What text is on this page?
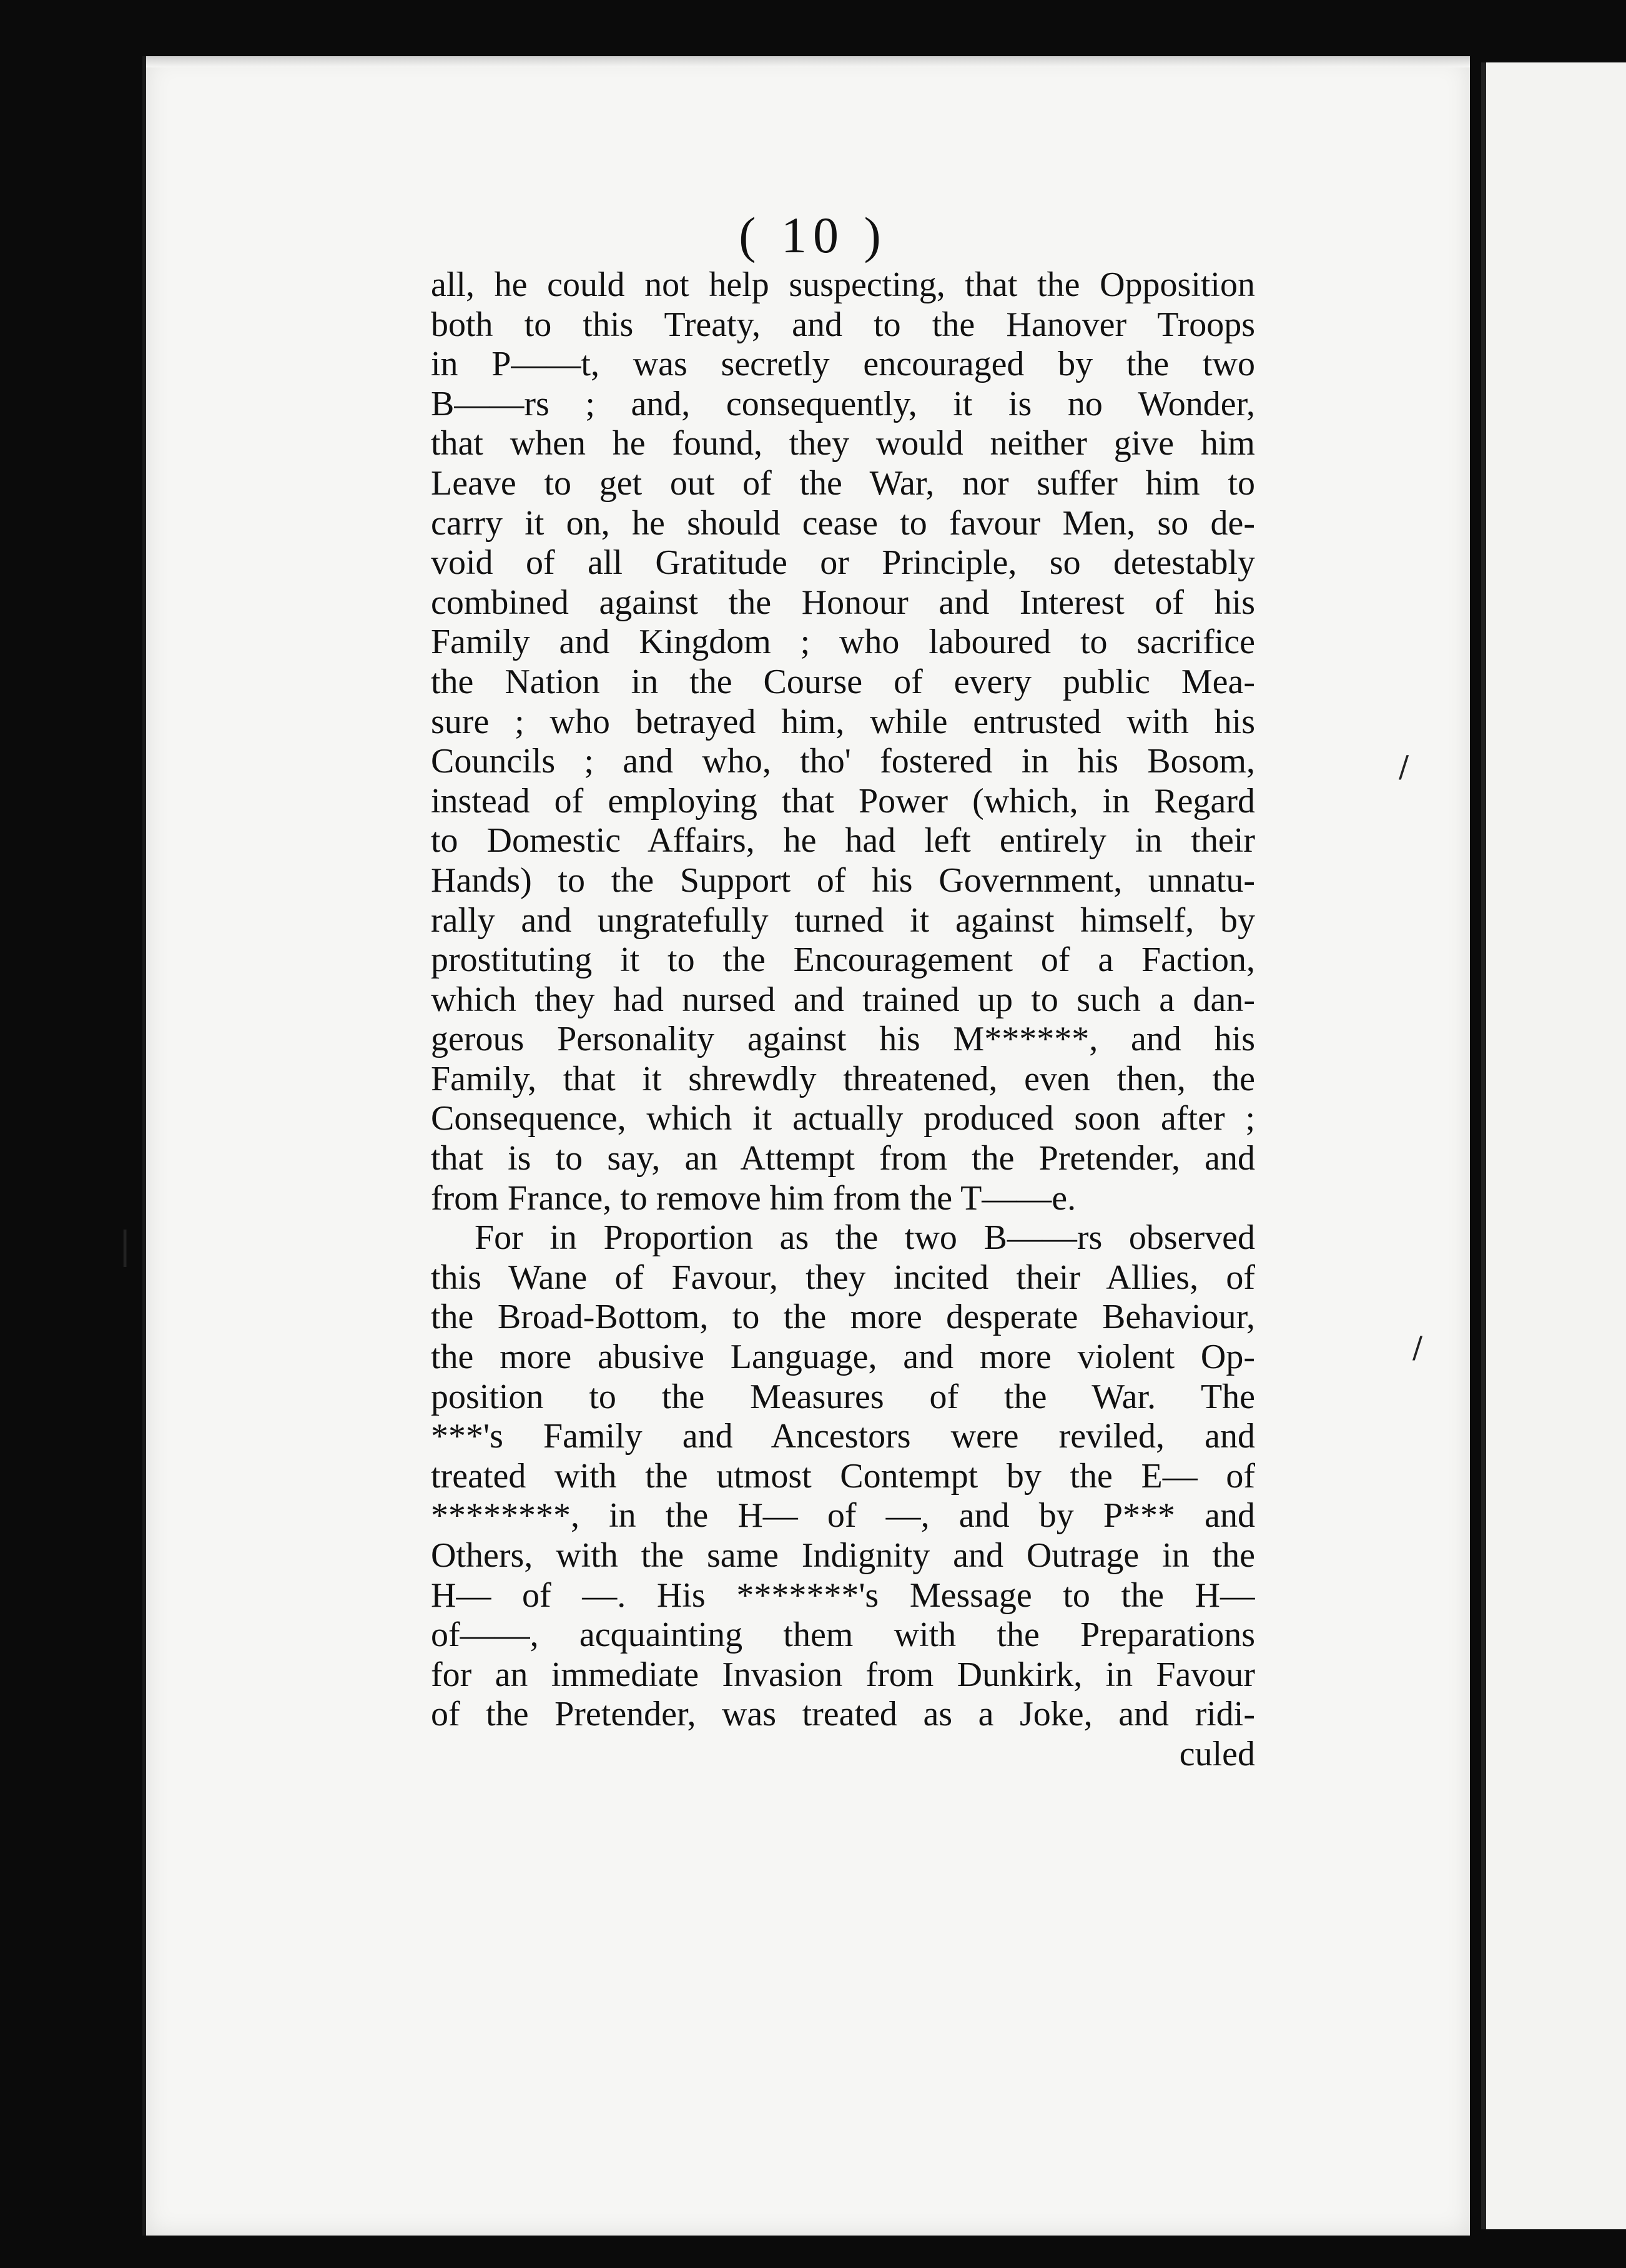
( 10 )
all, he could not help suspecting, that the Opposition
both to this Treaty, and to the Hanover Troops
in P——t, was secretly encouraged by the two
B——rs ; and, consequently, it is no Wonder,
that when he found, they would neither give him
Leave to get out of the War, nor suffer him to
carry it on, he should cease to favour Men, so de-
void of all Gratitude or Principle, so detestably
combined against the Honour and Interest of his
Family and Kingdom ; who laboured to sacrifice
the Nation in the Course of every public Mea-
sure ; who betrayed him, while entrusted with his
Councils ; and who, tho' fostered in his Bosom,
instead of employing that Power (which, in Regard
to Domestic Affairs, he had left entirely in their
Hands) to the Support of his Government, unnatu-
rally and ungratefully turned it against himself, by
prostituting it to the Encouragement of a Faction,
which they had nursed and trained up to such a dan-
gerous Personality against his M******, and his
Family, that it shrewdly threatened, even then, the
Consequence, which it actually produced soon after ;
that is to say, an Attempt from the Pretender, and
from France, to remove him from the T——e.
For in Proportion as the two B——rs observed
this Wane of Favour, they incited their Allies, of
the Broad-Bottom, to the more desperate Behaviour,
the more abusive Language, and more violent Op-
position to the Measures of the War. The
***'s Family and Ancestors were reviled, and
treated with the utmost Contempt by the E— of
********, in the H— of —, and by P*** and
Others, with the same Indignity and Outrage in the
H— of —. His *******'s Message to the H—
of——, acquainting them with the Preparations
for an immediate Invasion from Dunkirk, in Favour
of the Pretender, was treated as a Joke, and ridi-
culed
/
/
|
